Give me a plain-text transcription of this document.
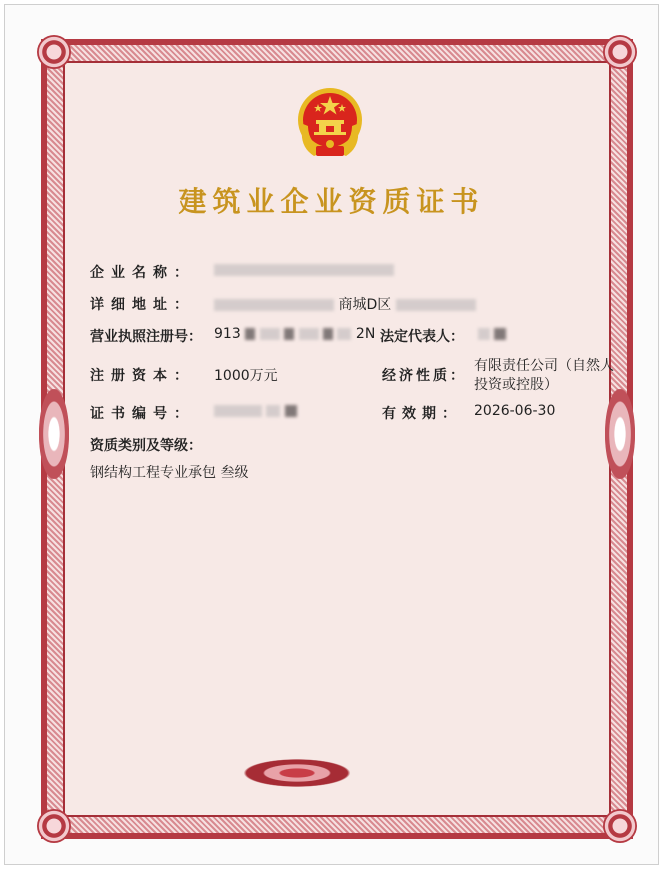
建筑业企业资质证书
企业名称：
详细地址：	商城D区
营业执照注册号： 913	2N 法定代表人：

注册资本： 1000万元	经济性质：
有限责任公司（自然人
投资或控股）
证书编号：
	有效期： 2026-06-30
资质类别及等级：
钢结构工程专业承包 叁级
